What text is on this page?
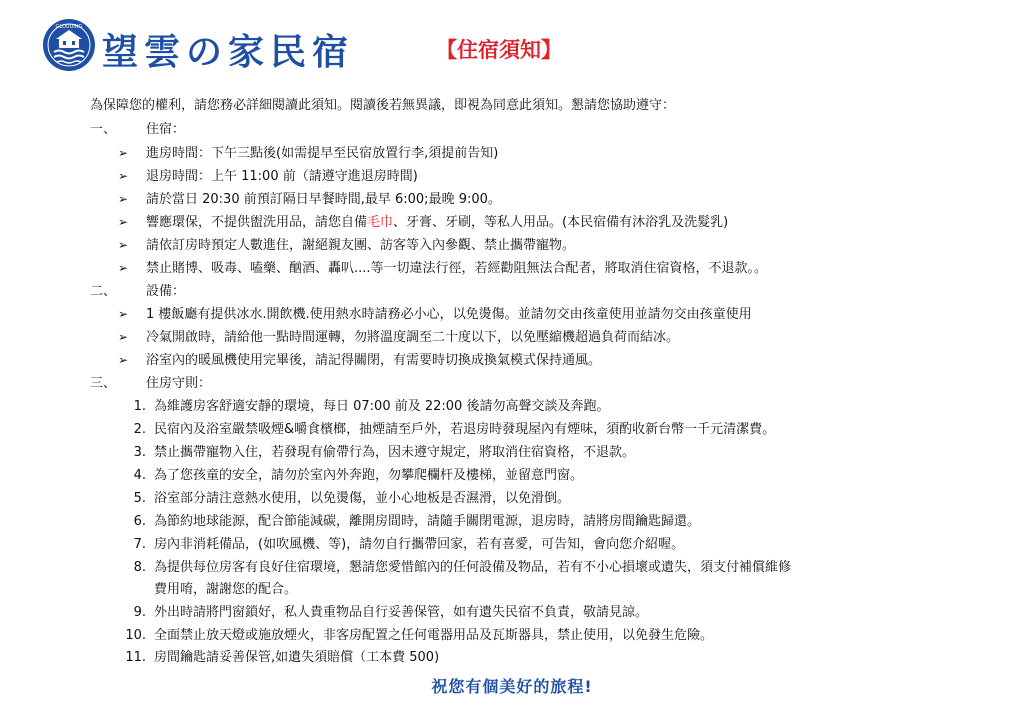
GLOUDING
望雲の家民宿	【住宿須知】
為保障您的權利，請您務必詳細閱讀此須知。閱讀後若無異議，即視為同意此須知。懇請您協助遵守：
一、 住宿：
➢ 進房時間：下午三點後(如需提早至民宿放置行李,須提前告知)
➢ 退房時間：上午 11:00 前（請遵守進退房時間)
➢ 請於當日 20:30 前預訂隔日早餐時間,最早 6:00;最晚 9:00。
➢ 響應環保，不提供盥洗用品，請您自備毛巾、牙膏、牙刷，等私人用品。(本民宿備有沐浴乳及洗髮乳)
➢ 請依訂房時預定人數進住，謝絕親友團、訪客等入內參觀、禁止攜帶寵物。
➢ 禁止賭博、吸毒、嗑藥、酗酒、轟叭....等一切違法行徑，若經勸阻無法合配者，將取消住宿資格，不退款。。
二、 設備：
➢ 1 樓飯廳有提供冰水.開飲機.使用熱水時請務必小心，以免燙傷。並請勿交由孩童使用並請勿交由孩童使用
➢ 冷氣開啟時，請給他一點時間運轉，勿將溫度調至二十度以下，以免壓縮機超過負荷而結冰。
➢ 浴室內的暖風機使用完畢後，請記得關閉，有需要時切換成換氣模式保持通風。
三、 住房守則：
1. 為維護房客舒適安靜的環境，每日 07:00 前及 22:00 後請勿高聲交談及奔跑。
2. 民宿內及浴室嚴禁吸煙&嚼食檳榔，抽煙請至戶外，若退房時發現屋內有煙味，須酌收新台幣一千元清潔費。
3. 禁止攜帶寵物入住，若發現有偷帶行為，因未遵守規定，將取消住宿資格，不退款。
4. 為了您孩童的安全，請勿於室內外奔跑，勿攀爬欄杆及樓梯，並留意門窗。
5. 浴室部分請注意熱水使用，以免燙傷，並小心地板是否濕滑，以免滑倒。
6. 為節約地球能源，配合節能減碳，離開房間時，請隨手關閉電源，退房時，請將房間鑰匙歸還。
7. 房內非消耗備品，(如吹風機、等)，請勿自行攜帶回家，若有喜愛，可告知，會向您介紹喔。
8. 為提供每位房客有良好住宿環境，懇請您愛惜館內的任何設備及物品，若有不小心損壞或遺失，須支付補償維修
費用唷，謝謝您的配合。
9. 外出時請將門窗鎖好，私人貴重物品自行妥善保管，如有遺失民宿不負責，敬請見諒。
10. 全面禁止放天燈或施放煙火，非客房配置之任何電器用品及瓦斯器具，禁止使用，以免發生危險。
11. 房間鑰匙請妥善保管,如遺失須賠償（工本費 500)
祝您有個美好的旅程!
